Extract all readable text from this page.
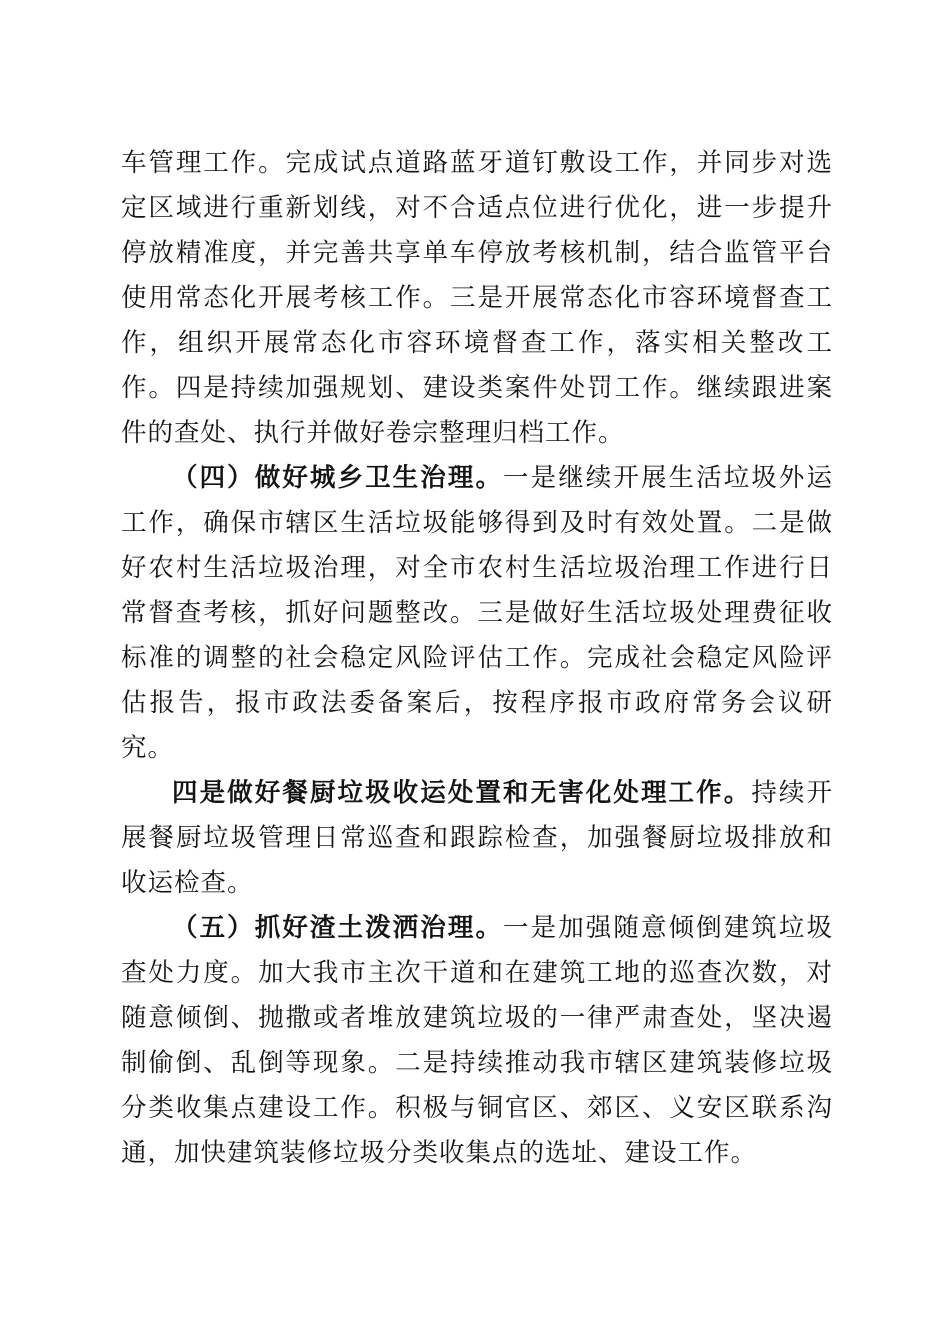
车管理工作。完成试点道路蓝牙道钉敷设工作，并同步对选定区域进行重新划线，对不合适点位进行优化，进一步提升停放精准度，并完善共享单车停放考核机制，结合监管平台使用常态化开展考核工作。三是开展常态化市容环境督查工作，组织开展常态化市容环境督查工作，落实相关整改工作。四是持续加强规划、建设类案件处罚工作。继续跟进案件的查处、执行并做好卷宗整理归档工作。

（四）做好城乡卫生治理。一是继续开展生活垃圾外运工作，确保市辖区生活垃圾能够得到及时有效处置。二是做好农村生活垃圾治理，对全市农村生活垃圾治理工作进行日常督查考核，抓好问题整改。三是做好生活垃圾处理费征收标准的调整的社会稳定风险评估工作。完成社会稳定风险评估报告，报市政法委备案后，按程序报市政府常务会议研究。

四是做好餐厨垃圾收运处置和无害化处理工作。持续开展餐厨垃圾管理日常巡查和跟踪检查，加强餐厨垃圾排放和收运检查。

（五）抓好渣土泼洒治理。一是加强随意倾倒建筑垃圾查处力度。加大我市主次干道和在建筑工地的巡查次数，对随意倾倒、抛撒或者堆放建筑垃圾的一律严肃查处，坚决遏制偷倒、乱倒等现象。二是持续推动我市辖区建筑装修垃圾分类收集点建设工作。积极与铜官区、郊区、义安区联系沟通，加快建筑装修垃圾分类收集点的选址、建设工作。
